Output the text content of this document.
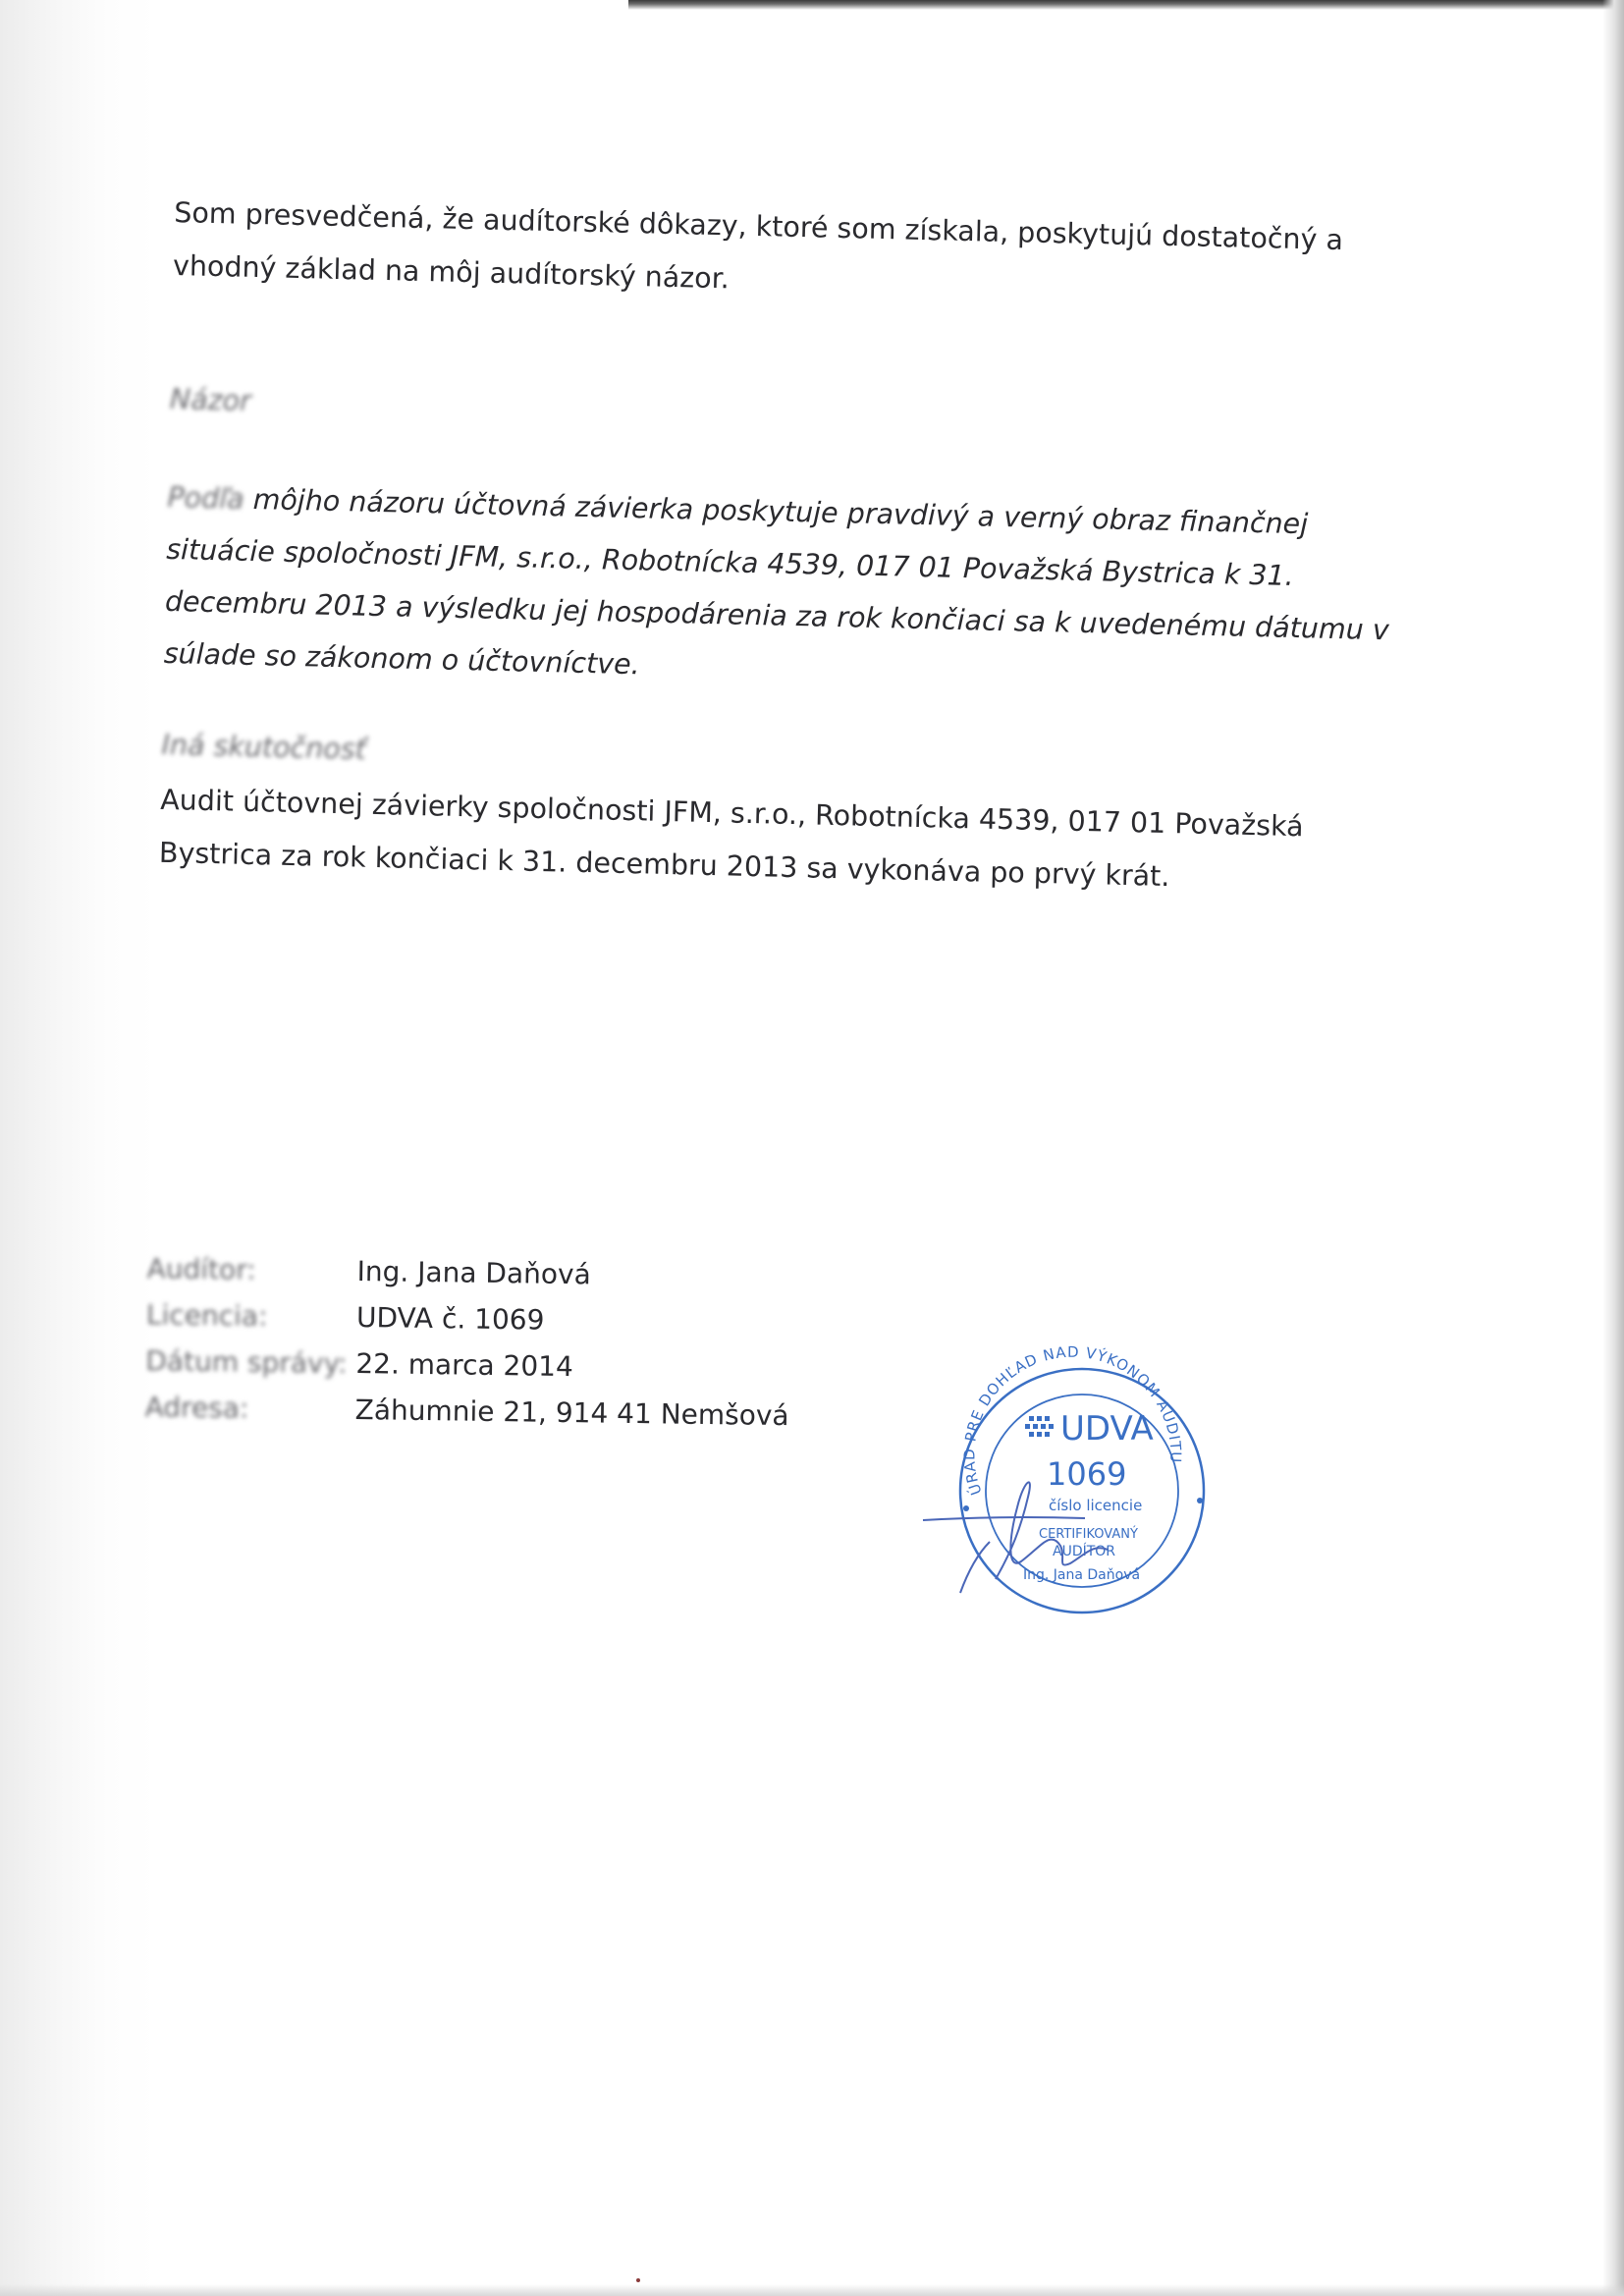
Som presvedčená, že audítorské dôkazy, ktoré som získala, poskytujú dostatočný a vhodný základ na môj audítorský názor.

Názor

Podľa môjho názoru účtovná závierka poskytuje pravdivý a verný obraz finančnej situácie spoločnosti JFM, s.r.o., Robotnícka 4539, 017 01 Považská Bystrica k 31. decembru 2013 a výsledku jej hospodárenia za rok končiaci sa k uvedenému dátumu v súlade so zákonom o účtovníctve.

Iná skutočnosť

Audit účtovnej závierky spoločnosti JFM, s.r.o., Robotnícka 4539, 017 01 Považská Bystrica za rok končiaci k 31. decembru 2013 sa vykonáva po prvý krát.

Audítor:	Ing. Jana Daňová
Licencia:	UDVA č. 1069
Dátum správy: 22. marca 2014
Adresa:	Záhumnie 21, 914 41 Nemšová
ÚRAD PRE DOHĽAD NAD VÝKONOM AUDITU
UDVA
1069
číslo licencie
CERTIFIKOVANÝ
AUDÍTOR
Ing. Jana Daňová
